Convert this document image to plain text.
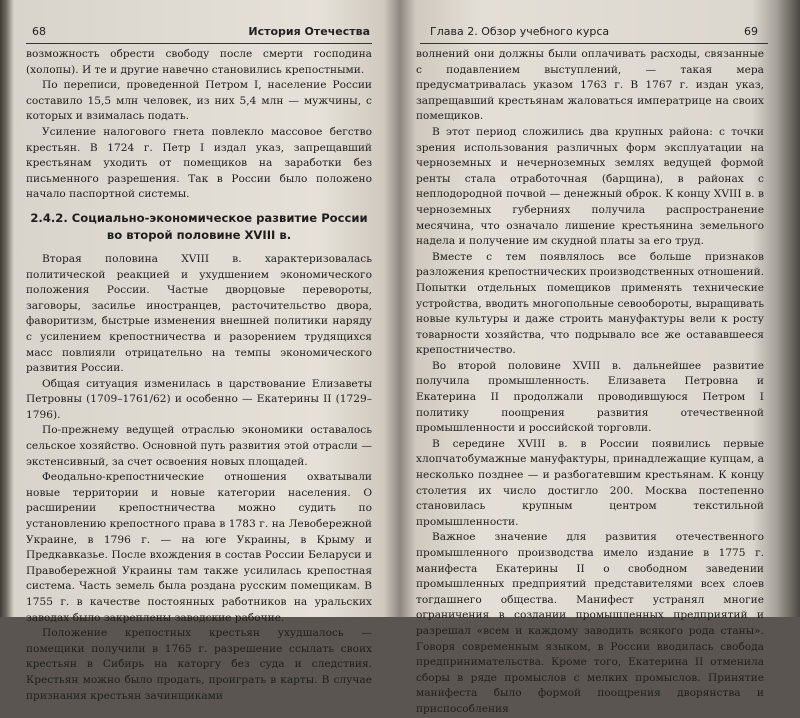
68	История Отечества

возможность обрести свободу после смерти господина (холопы). И те и другие навечно становились крепостными.

По переписи, проведенной Петром I, население России составило 15,5 млн человек, из них 5,4 млн — мужчины, с которых и взималась подать.

Усиление налогового гнета повлекло массовое бегство крестьян. В 1724 г. Петр I издал указ, запрещавший крестьянам уходить от помещиков на заработки без письменного разрешения. Так в России было положено начало паспортной системы.

2.4.2. Социально-экономическое развитие России
во второй половине XVIII в.

Вторая половина XVIII в. характеризовалась политической реакцией и ухудшением экономического положения России. Частые дворцовые перевороты, заговоры, засилье иностранцев, расточительство двора, фаворитизм, быстрые изменения внешней политики наряду с усилением крепостничества и разорением трудящихся масс повлияли отрицательно на темпы экономического развития России.

Общая ситуация изменилась в царствование Елизаветы Петровны (1709–1761/62) и особенно — Екатерины II (1729–1796).

По-прежнему ведущей отраслью экономики оставалось сельское хозяйство. Основной путь развития этой отрасли — экстенсивный, за счет освоения новых площадей.

Феодально-крепостнические отношения охватывали новые территории и новые категории населения. О расширении крепостничества можно судить по установлению крепостного права в 1783 г. на Левобережной Украине, в 1796 г. — на юге Украины, в Крыму и Предкавказье. После вхождения в состав России Беларуси и Правобережной Украины там также усилилась крепостная система. Часть земель была роздана русским помещикам. В 1755 г. в качестве постоянных работников на уральских заводах было закреплены заводские рабочие.

Положение крепостных крестьян ухудшалось — помещики получили в 1765 г. разрешение ссылать своих крестьян в Сибирь на каторгу без суда и следствия. Крестьян можно было продать, проиграть в карты. В случае признания крестьян зачинщиками

Глава 2. Обзор учебного курса	69

волнений они должны были оплачивать расходы, связанные с подавлением выступлений, — такая мера предусматривалась указом 1763 г. В 1767 г. издан указ, запрещавший крестьянам жаловаться императрице на своих помещиков.

В этот период сложились два крупных района: с точки зрения использования различных форм эксплуатации на черноземных и нечерноземных землях ведущей формой ренты стала отработочная (барщина), в районах с неплодородной почвой — денежный оброк. К концу XVIII в. в черноземных губерниях получила распространение месячина, что означало лишение крестьянина земельного надела и получение им скудной платы за его труд.

Вместе с тем появлялось все больше признаков разложения крепостнических производственных отношений. Попытки отдельных помещиков применять технические устройства, вводить многопольные севообороты, выращивать новые культуры и даже строить мануфактуры вели к росту товарности хозяйства, что подрывало все же остававшееся крепостничество.

Во второй половине XVIII в. дальнейшее развитие получила промышленность. Елизавета Петровна и Екатерина II продолжали проводившуюся Петром I политику поощрения развития отечественной промышленности и российской торговли.

В середине XVIII в. в России появились первые хлопчатобумажные мануфактуры, принадлежащие купцам, а несколько позднее — и разбогатевшим крестьянам. К концу столетия их число достигло 200. Москва постепенно становилась крупным центром текстильной промышленности.

Важное значение для развития отечественного промышленного производства имело издание в 1775 г. манифеста Екатерины II о свободном заведении промышленных предприятий представителями всех слоев тогдашнего общества. Манифест устранял многие ограничения в создании промышленных предприятий и разрешал «всем и каждому заводить всякого рода станы». Говоря современным языком, в России вводилась свобода предпринимательства. Кроме того, Екатерина II отменила сборы в ряде промыслов с мелких промыслов. Принятие манифеста было формой поощрения дворянства и приспособления
